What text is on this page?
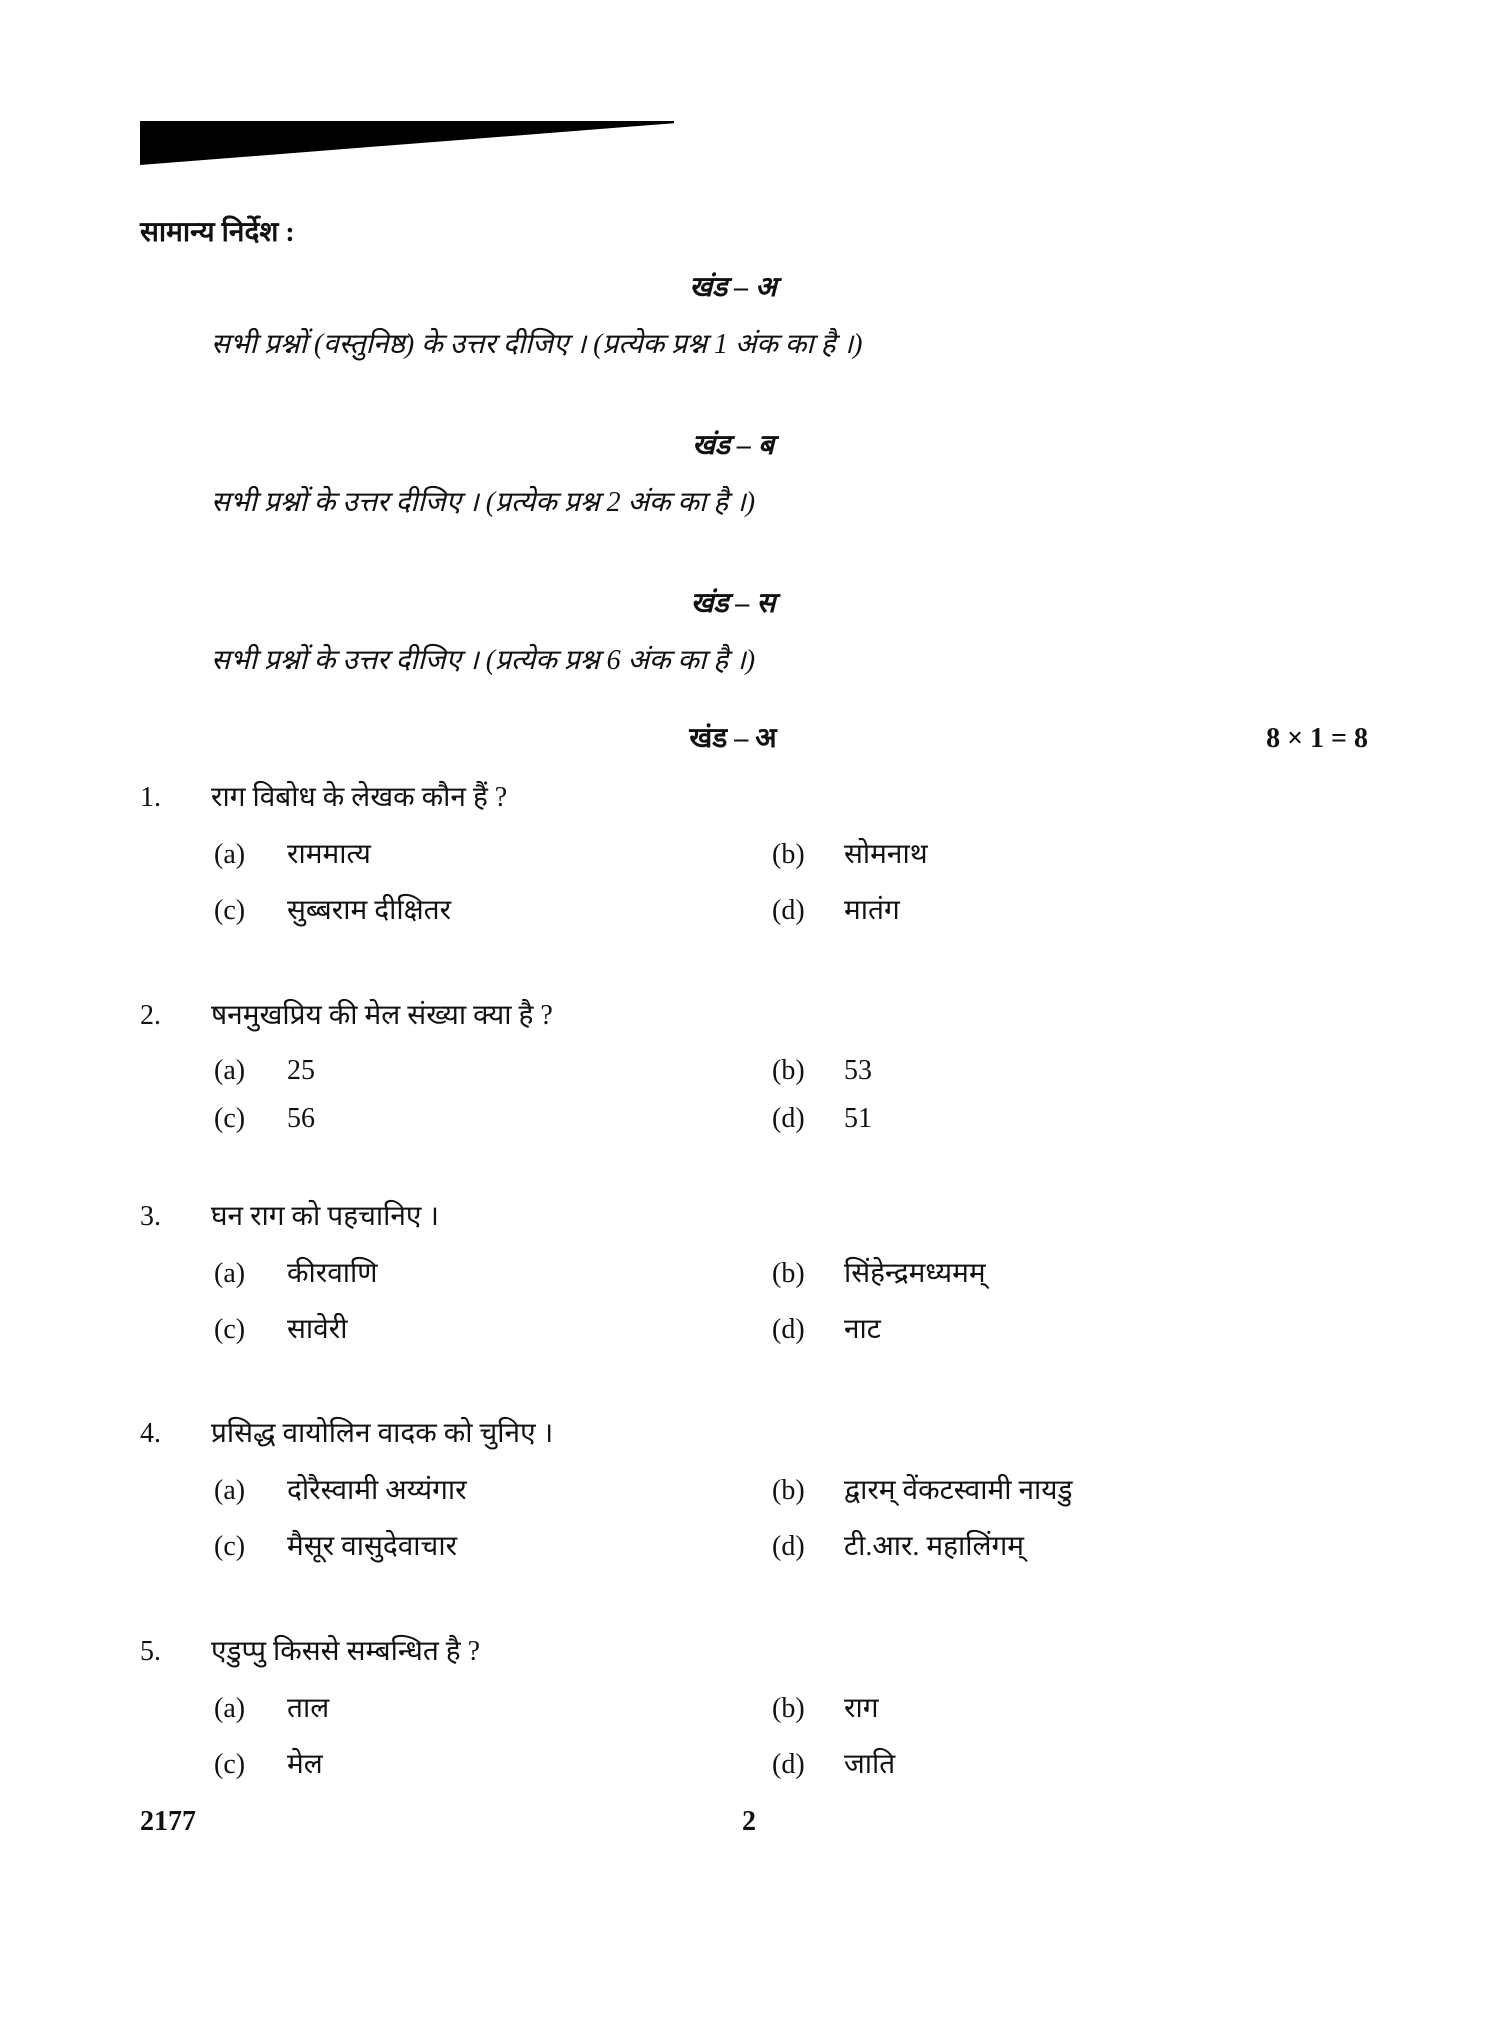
सामान्य निर्देश :
खंड – अ
सभी प्रश्नों (वस्तुनिष्ठ) के उत्तर दीजिए । (प्रत्येक प्रश्न 1 अंक का है ।)
खंड – ब
सभी प्रश्नों के उत्तर दीजिए । (प्रत्येक प्रश्न 2 अंक का है ।)
खंड – स
सभी प्रश्नों के उत्तर दीजिए । (प्रत्येक प्रश्न 6 अंक का है ।)
खंड – अ	8 × 1 = 8
1. राग विबोध के लेखक कौन हैं ?
(a) राममात्य	(b) सोमनाथ
(c) सुब्बराम दीक्षितर	(d) मातंग
2. षनमुखप्रिय की मेल संख्या क्या है ?
(a) 25	(b) 53
(c) 56	(d) 51
3. घन राग को पहचानिए ।
(a) कीरवाणि	(b) सिंहेन्द्रमध्यमम्
(c) सावेरी	(d) नाट
4. प्रसिद्ध वायोलिन वादक को चुनिए ।
(a) दोरैस्वामी अय्यंगार	(b) द्वारम् वेंकटस्वामी नायडु
(c) मैसूर वासुदेवाचार	(d) टी.आर. महालिंगम्
5. एडुप्पु किससे सम्बन्धित है ?
(a) ताल	(b) राग
(c) मेल	(d) जाति
2177	2
